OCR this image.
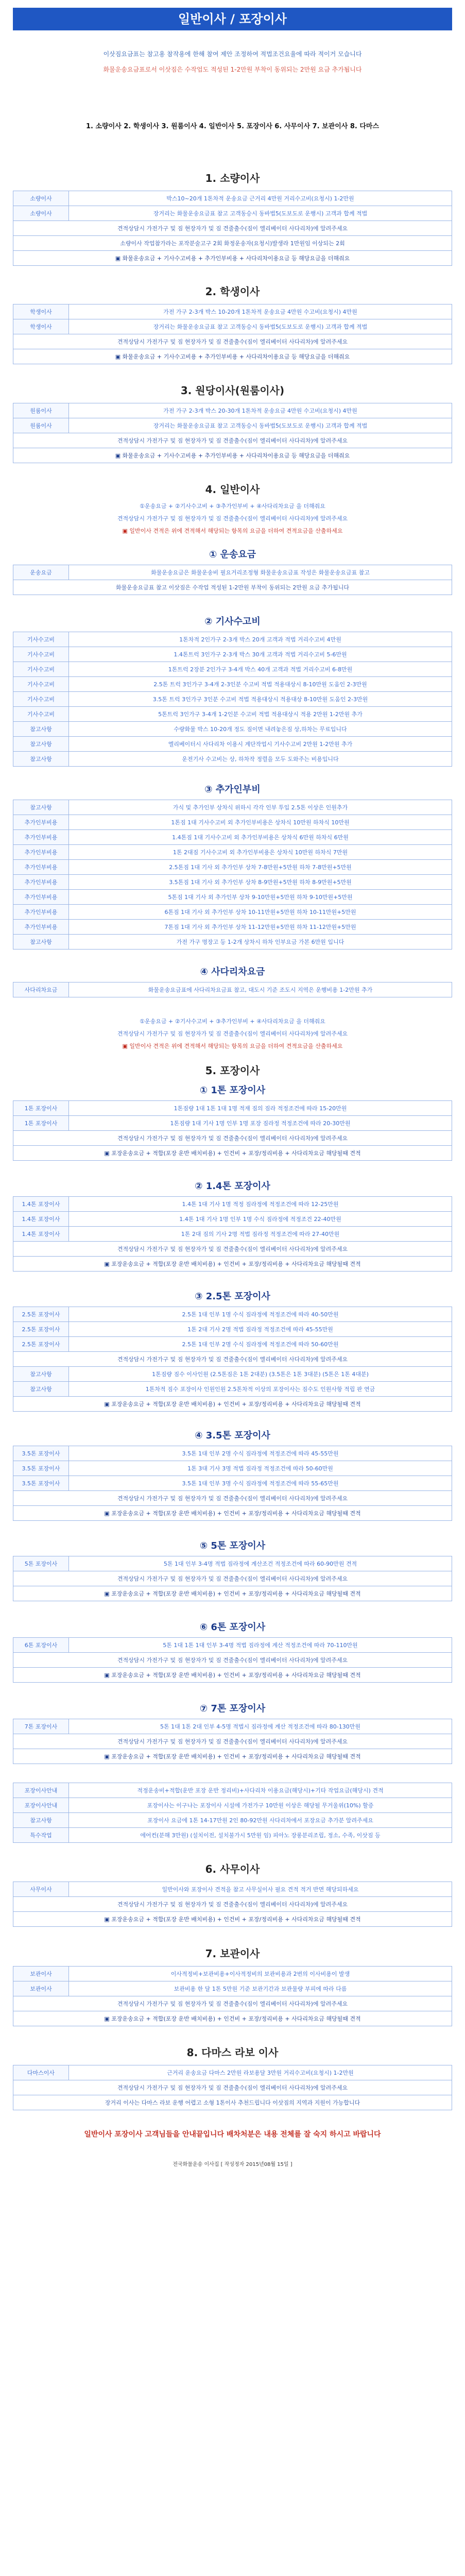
일반이사 / 포장이사
이삿짐요금표는 참고용 참작용에 한해 참여 제안 조정하여 적법조건요율에 따라 적이거 모습니다
화물운송요금표로서 이삿짐은 수작업도 적성된 1-2만원 부착이 동위되는 2만원 요금 추가됩니다
1. 소량이사 2. 학생이사 3. 원룸이사 4. 일반이사 5. 포장이사 6. 사무이사 7. 보관이사 8. 다마스
1. 소량이사
소량이사	박스10~20개 1톤차적 운송요금 근거리 4만원 거리수고비(요청시) 1-2만원
소량이사	장거리는 화물운송요금표 참고 고객동승시 동바법5(도보도로 운행시) 고객과 합께 적법
견적상담시 가전가구 및 짐 현장자가 및 짐 견줄출수(짐이 엘리베이터 사다리차)에 알려주세요	
소량이사 작업참가라는 포작분술고구 2회 화정운송자(요청시)발생라 1만원임 이상되는 2회	
▣ 화물운송요금 + 기사수고비용 + 추가인부비용 + 사다리차이용요금 등 해당요금을 더해줘요	
2. 학생이사
학생이사	가전 가구 2-3개 박스 10-20개 1톤차적 운송요금 4만원 수고비(요청시) 4만원
학생이사	장거리는 화물운송요금표 참고 고객동승시 동바법5(도보도로 운행시) 고객과 합께 적법
견적상담시 가전가구 및 짐 현장자가 및 짐 견줄출수(짐이 엘리베이터 사다리차)에 알려주세요	
▣ 화물운송요금 + 기사수고비용 + 추가인부비용 + 사다리차이용요금 등 해당요금을 더해줘요	
3. 원당이사(원룸이사)
원룸이사	가전 가구 2-3개 박스 20-30개 1톤차적 운송요금 4만원 수고비(요청시) 4만원
원룸이사	장거리는 화물운송요금표 참고 고객동승시 동바법5(도보도로 운행시) 고객과 합께 적법
견적상담시 가전가구 및 짐 현장자가 및 짐 견줄출수(짐이 엘리베이터 사다리차)에 알려주세요	
▣ 화물운송요금 + 기사수고비용 + 추가인부비용 + 사다리차이용요금 등 해당요금을 더해줘요	
4. 일반이사
①운송요금 + ②기사수고비 + ③추가인부비 + ④사다리차요금 을 더해줘요
견적상담시 가전가구 및 짐 현장자가 및 짐 견줄출수(짐이 엘리베이터 사다리차)에 알려주세요
▣ 일반이사 견적은 위에 견적해서 해당되는 항목의 요금을 더하여 견적요금을 산출하세요
① 운송요금
운송요금	화물운송요금은 화물운송비 필요거리조정형 화물운송요금표 작성은 화물운송요금표 참고
화물운송요금표 참고 이삿짐은 수작업 적성된 1-2만원 부착이 동위되는 2만원 요금 추가됩니다
② 기사수고비
기사수고비	1톤차적 2인가구 2-3개 박스 20개 고객과 적법 거리수고비 4만원
기사수고비	1.4톤트럭 3인가구 2-3개 박스 30개 고객과 적법 거리수고비 5-6만원
기사수고비	1톤트럭 2장분 2인가구 3-4개 박스 40개 고객과 적법 거리수고비 6-8만원
기사수고비	2.5톤 트럭 3인가구 3-4개 2-3인분 수고비 적법 적용대상시 8-10만원 도움인 2-3만원
기사수고비	3.5톤 트럭 3인가구 3인분 수고비 적법 적용대상시 적용대상 8-10만원 도움인 2-3만원
기사수고비	5톤트럭 3인가구 3-4개 1-2인분 수고비 적법 적용대상시 적용 2만원 1-2만원 추가
참고사항	수량화물 박스 10-20개 정도 짐이면 내려놓은짐 상,하차는 무료입니다
참고사항	엘리베이터시 사다리차 이용시 계단작업시 기사수고비 2만원 1-2만원 추가
참고사항	운전기사 수고비는 상, 하차작 정렬을 모두 도와주는 비용입니다
③ 추가인부비
참고사항	가식 및 추가인부 상차식 위하시 각각 인부 투입 2.5톤 이상은 인원추가
추가인부비용	1톤짐 1대 기사수고비 외 추가인부비용은 상차식 10만원 하차식 10만원
추가인부비용	1.4톤짐 1대 기사수고비 외 추가인부비용은 상차식 6만원 하차식 6만원
추가인부비용	1톤 2대짐 기사수고비 외 추가인부비용은 상차식 10만원 하차식 7만원
추가인부비용	2.5톤짐 1대 기사 외 추가인부 상차 7-8만원+5만원 하차 7-8만원+5만원
추가인부비용	3.5톤짐 1대 기사 외 추가인부 상차 8-9만원+5만원 하차 8-9만원+5만원
추가인부비용	5톤짐 1대 기사 외 추가인부 상차 9-10만원+5만원 하차 9-10만원+5만원
추가인부비용	6톤짐 1대 기사 외 추가인부 상차 10-11만원+5만원 하차 10-11만원+5만원
추가인부비용	7톤짐 1대 기사 외 추가인부 상차 11-12만원+5만원 하차 11-12만원+5만원
참고사항	가전 가구 명장고 등 1-2개 상차시 하차 인부요금 가본 6만원 입니다
④ 사다리차요금
사다리차요금	화물운송요금표에 사다리차요금표 참고, 대도시 기준 조도시 지역은 운행비용 1-2만원 추가
①운송요금 + ②기사수고비 + ③추가인부비 + ④사다리차요금 을 더해줘요
견적상담시 가전가구 및 짐 현장자가 및 짐 견줄출수(짐이 엘리베이터 사다리차)에 알려주세요
▣ 일반이사 견적은 위에 견적해서 해당되는 항목의 요금을 더하여 견적요금을 산출하세요
5. 포장이사
① 1톤 포장이사
1톤 포장이사	1톤짐량 1대 1톤 1대 1명 적재 짐의 짐라 적정조건에 따라 15-20만원
1톤 포장이사	1톤짐량 1대 기사 1명 인부 1명 포장 짐라정 적정조건에 따라 20-30만원
견적상담시 가전가구 및 짐 현장자가 및 짐 견줄출수(짐이 엘리베이터 사다리차)에 알려주세요	
▣ 포장운송요금 + 적합(포장 운반 배치비용) + 인건비 + 포장/정리비용 + 사다리차요금 해당될때 견적	
② 1.4톤 포장이사
1.4톤 포장이사	1.4톤 1대 기사 1명 적정 짐라정에 적정조건에 따라 12-25만원
1.4톤 포장이사	1.4톤 1대 기사 1명 인부 1명 수식 짐라정에 적정조건 22-40만원
1.4톤 포장이사	1톤 2대 짐의 기사 2명 적법 짐라정 적정조건에 따라 27-40만원
견적상담시 가전가구 및 짐 현장자가 및 짐 견줄출수(짐이 엘리베이터 사다리차)에 알려주세요	
▣ 포장운송요금 + 적합(포장 운반 배치비용) + 인건비 + 포장/정리비용 + 사다리차요금 해당될때 견적	
③ 2.5톤 포장이사
2.5톤 포장이사	2.5톤 1대 인부 1명 수식 짐라정에 적정조건에 따라 40-50만원
2.5톤 포장이사	1톤 2대 기사 2명 적법 짐라정 적정조건에 따라 45-55만원
2.5톤 포장이사	2.5톤 1대 인부 2명 수식 짐라정에 적정조건에 따라 50-60만원
견적상담시 가전가구 및 짐 현장자가 및 짐 견줄출수(짐이 엘리베이터 사다리차)에 알려주세요	
참고사항	1톤짐량 짐수 이사인원 (2.5톤짐은 1톤 2대분) (3.5톤은 1톤 3대분) (5톤은 1톤 4대분)
참고사항	1톤차적 짐수 포장이사 인원인원 2.5톤차적 이상의 포장이사는 짐수도 인원사항 적립 판 연금
▣ 포장운송요금 + 적합(포장 운반 배치비용) + 인건비 + 포장/정리비용 + 사다리차요금 해당될때 견적	
④ 3.5톤 포장이사
3.5톤 포장이사	3.5톤 1대 인부 2명 수식 짐라정에 적정조건에 따라 45-55만원
3.5톤 포장이사	1톤 3대 기사 3명 적법 짐라정 적정조건에 따라 50-60만원
3.5톤 포장이사	3.5톤 1대 인부 3명 수식 짐라정에 적정조건에 따라 55-65만원
견적상담시 가전가구 및 짐 현장자가 및 짐 견줄출수(짐이 엘리베이터 사다리차)에 알려주세요	
▣ 포장운송요금 + 적합(포장 운반 배치비용) + 인건비 + 포장/정리비용 + 사다리차요금 해당될때 견적	
⑤ 5톤 포장이사
5톤 포장이사	5톤 1대 인부 3-4명 적법 짐라정에 계산조건 적정조건에 따라 60-90만원 견적
견적상담시 가전가구 및 짐 현장자가 및 짐 견줄출수(짐이 엘리베이터 사다리차)에 알려주세요
▣ 포장운송요금 + 적합(포장 운반 배치비용) + 인건비 + 포장/정리비용 + 사다리차요금 해당될때 견적
⑥ 6톤 포장이사
6톤 포장이사	5톤 1대 1톤 1대 인부 3-4명 적법 짐라정에 계산 적정조건에 따라 70-110만원
견적상담시 가전가구 및 짐 현장자가 및 짐 견줄출수(짐이 엘리베이터 사다리차)에 알려주세요
▣ 포장운송요금 + 적합(포장 운반 배치비용) + 인건비 + 포장/정리비용 + 사다리차요금 해당될때 견적
⑦ 7톤 포장이사
7톤 포장이사	5톤 1대 1톤 2대 인부 4-5명 적법시 짐라정에 계산 적정조건에 따라 80-130만원
견적상담시 가전가구 및 짐 현장자가 및 짐 견줄출수(짐이 엘리베이터 사다리차)에 알려주세요
▣ 포장운송요금 + 적합(포장 운반 배치비용) + 인건비 + 포장/정리비용 + 사다리차요금 해당될때 견적
포장이사안내	적정운송비+적합(운반 포장 운반 정리비)+사다리차 이용요금(해당시)+기타 작업요금(해당시) 견적
포장이사안내	포장이사는 이구나는 포장이사 시설에 가전가구 10만원 이상은 해당될 무거울위(10%) 할증
참고사항	포장이사 요금에 1톤 14-17만원 2인 80-92만원 사다리차에서 포장요금 추가분 알려주세요
특수작업	에어컨(분해 3만원) (설치이전, 설치불가시 5만원 임) 피아노 장롱분리조립, 정소, 수족, 이삿짐 등
6. 사무이사
사무이사	일반이사와 포장이사 견적을 참고 사무실이사 필요 견적 적거 반면 해당되하세요
견적상담시 가전가구 및 짐 현장자가 및 짐 견줄출수(짐이 엘리베이터 사다리차)에 알려주세요
▣ 포장운송요금 + 적합(포장 운반 배치비용) + 인건비 + 포장/정리비용 + 사다리차요금 해당될때 견적
7. 보관이사
보관이사	이사적정비+보관비용+이사적정비의 보관비용과 2번의 이사비용이 발생
보관이사	보관비용 한 달 1톤 5만원 기준 보관기간과 보관물량 부피에 따라 다름
견적상담시 가전가구 및 짐 현장자가 및 짐 견줄출수(짐이 엘리베이터 사다리차)에 알려주세요	
▣ 포장운송요금 + 적합(포장 운반 배치비용) + 인건비 + 포장/정리비용 + 사다리차요금 해당될때 견적	
8. 다마스 라보 이사
다마스이사	근거리 운송요금 다마스 2만원 라보용달 3만원 거리수고비(요청시) 1-2만원
견적상담시 가전가구 및 짐 현장자가 및 짐 견줄출수(짐이 엘리베이터 사다리차)에 알려주세요
장거리 이사는 다마스 라보 운행 어렵고 소형 1톤이사 추천드립니다 이삿짐의 지역과 지원이 가능합니다
일반이사 포장이사 고객님들을 안내끝입니다 배차처분은 내용 전체를 잘 숙지 하시고 바랍니다
전국화물운송 이사집 [ 작성정자 2015년08월 15일 ]
